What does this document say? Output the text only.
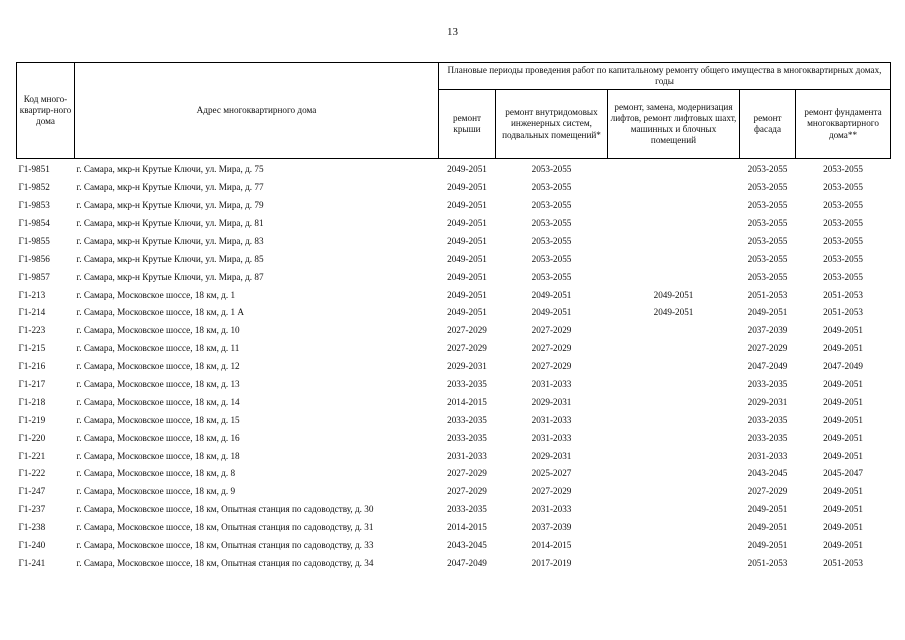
13
Код много-квартир-ного дома	Адрес многоквартирного дома	Плановые периоды проведения работ по капитальному ремонту общего имущества в многоквартирных домах, годы				
		ремонт крыши	ремонт внутридомовых инженерных систем, подвальных помещений*	ремонт, замена, модернизация лифтов, ремонт лифтовых шахт, машинных и блочных помещений	ремонт фасада	ремонт фундамента многоквартирного дома**
Г1-9851	г. Самара, мкр-н Крутые Ключи, ул. Мира, д. 75	2049-2051	2053-2055		2053-2055	2053-2055
Г1-9852	г. Самара, мкр-н Крутые Ключи, ул. Мира, д. 77	2049-2051	2053-2055		2053-2055	2053-2055
Г1-9853	г. Самара, мкр-н Крутые Ключи, ул. Мира, д. 79	2049-2051	2053-2055		2053-2055	2053-2055
Г1-9854	г. Самара, мкр-н Крутые Ключи, ул. Мира, д. 81	2049-2051	2053-2055		2053-2055	2053-2055
Г1-9855	г. Самара, мкр-н Крутые Ключи, ул. Мира, д. 83	2049-2051	2053-2055		2053-2055	2053-2055
Г1-9856	г. Самара, мкр-н Крутые Ключи, ул. Мира, д. 85	2049-2051	2053-2055		2053-2055	2053-2055
Г1-9857	г. Самара, мкр-н Крутые Ключи, ул. Мира, д. 87	2049-2051	2053-2055		2053-2055	2053-2055
Г1-213	г. Самара, Московское шоссе, 18 км, д. 1	2049-2051	2049-2051	2049-2051	2051-2053	2051-2053
Г1-214	г. Самара, Московское шоссе, 18 км, д. 1 А	2049-2051	2049-2051	2049-2051	2049-2051	2051-2053
Г1-223	г. Самара, Московское шоссе, 18 км, д. 10	2027-2029	2027-2029		2037-2039	2049-2051
Г1-215	г. Самара, Московское шоссе, 18 км, д. 11	2027-2029	2027-2029		2027-2029	2049-2051
Г1-216	г. Самара, Московское шоссе, 18 км, д. 12	2029-2031	2027-2029		2047-2049	2047-2049
Г1-217	г. Самара, Московское шоссе, 18 км, д. 13	2033-2035	2031-2033		2033-2035	2049-2051
Г1-218	г. Самара, Московское шоссе, 18 км, д. 14	2014-2015	2029-2031		2029-2031	2049-2051
Г1-219	г. Самара, Московское шоссе, 18 км, д. 15	2033-2035	2031-2033		2033-2035	2049-2051
Г1-220	г. Самара, Московское шоссе, 18 км, д. 16	2033-2035	2031-2033		2033-2035	2049-2051
Г1-221	г. Самара, Московское шоссе, 18 км, д. 18	2031-2033	2029-2031		2031-2033	2049-2051
Г1-222	г. Самара, Московское шоссе, 18 км, д. 8	2027-2029	2025-2027		2043-2045	2045-2047
Г1-247	г. Самара, Московское шоссе, 18 км, д. 9	2027-2029	2027-2029		2027-2029	2049-2051
Г1-237	г. Самара, Московское шоссе, 18 км, Опытная станция по садоводству, д. 30	2033-2035	2031-2033		2049-2051	2049-2051
Г1-238	г. Самара, Московское шоссе, 18 км, Опытная станция по садоводству, д. 31	2014-2015	2037-2039		2049-2051	2049-2051
Г1-240	г. Самара, Московское шоссе, 18 км, Опытная станция по садоводству, д. 33	2043-2045	2014-2015		2049-2051	2049-2051
Г1-241	г. Самара, Московское шоссе, 18 км, Опытная станция по садоводству, д. 34	2047-2049	2017-2019		2051-2053	2051-2053
